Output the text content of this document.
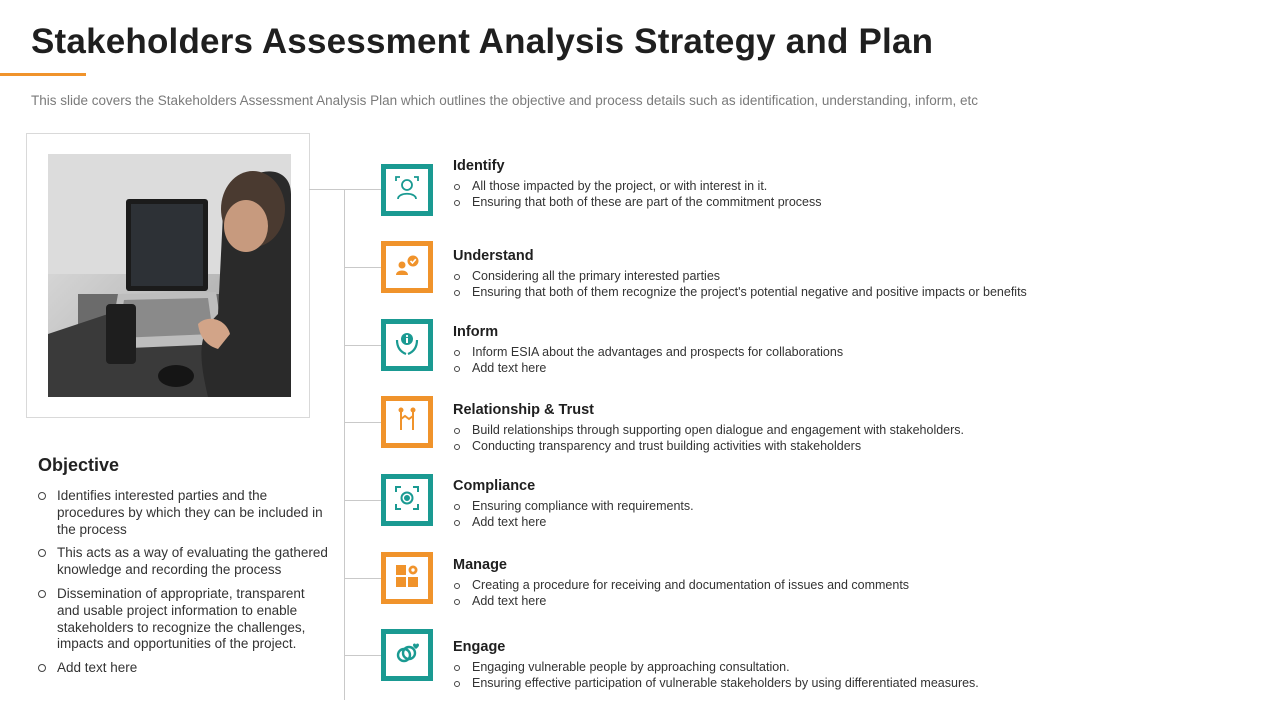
Stakeholders Assessment Analysis Strategy and Plan
This slide covers the Stakeholders Assessment Analysis Plan which outlines the objective and process details such as identification, understanding, inform, etc
Objective
Identifies interested parties and the procedures by which they can be included in the process
This acts as a way of evaluating the gathered knowledge and recording the process
Dissemination of appropriate, transparent and usable project information to enable stakeholders to recognize the challenges, impacts and opportunities of the project.
Add text here
Identify
All those impacted by the project, or with interest in it.
Ensuring that both of these are part of the commitment process
Understand
Considering all the primary interested parties
Ensuring that both of them recognize the project's potential negative and positive impacts or benefits
Inform
Inform ESIA about the advantages and prospects for collaborations
Add text here
Relationship & Trust
Build relationships through supporting open dialogue and engagement with stakeholders.
Conducting transparency and trust building activities with stakeholders
Compliance
Ensuring compliance with requirements.
Add text here
Manage
Creating a procedure for receiving and documentation of issues and comments
Add text here
Engage
Engaging vulnerable people by approaching consultation.
Ensuring effective participation of vulnerable stakeholders by using differentiated measures.
